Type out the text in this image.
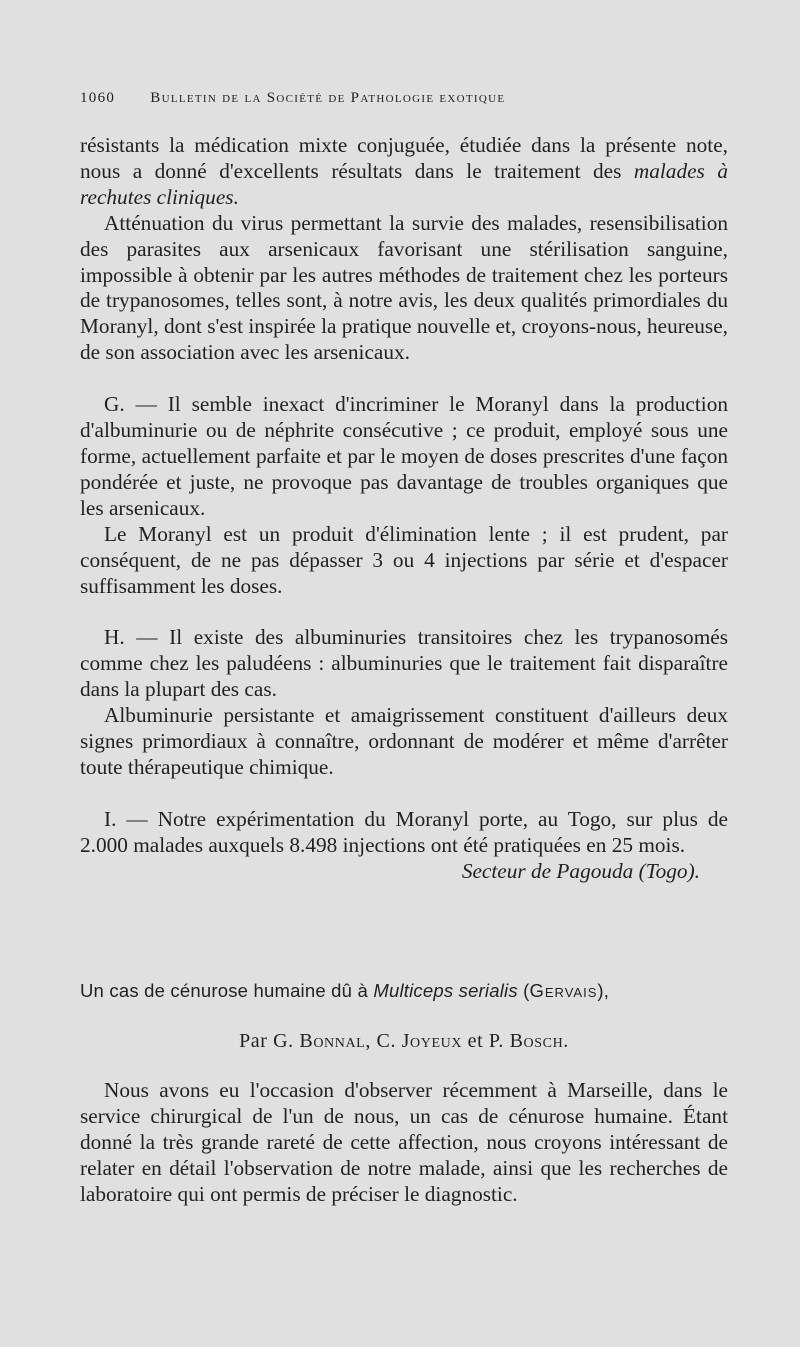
1060 Bulletin de la Société de Pathologie exotique

résistants la médication mixte conjuguée, étudiée dans la présente note, nous a donné d'excellents résultats dans le traitement des malades à rechutes cliniques.

Atténuation du virus permettant la survie des malades, resensibilisation des parasites aux arsenicaux favorisant une stérilisation sanguine, impossible à obtenir par les autres méthodes de traitement chez les porteurs de trypanosomes, telles sont, à notre avis, les deux qualités primordiales du Moranyl, dont s'est inspirée la pratique nouvelle et, croyons-nous, heureuse, de son association avec les arsenicaux.

G. — Il semble inexact d'incriminer le Moranyl dans la production d'albuminurie ou de néphrite consécutive ; ce produit, employé sous une forme, actuellement parfaite et par le moyen de doses prescrites d'une façon pondérée et juste, ne provoque pas davantage de troubles organiques que les arsenicaux.

Le Moranyl est un produit d'élimination lente ; il est prudent, par conséquent, de ne pas dépasser 3 ou 4 injections par série et d'espacer suffisamment les doses.

H. — Il existe des albuminuries transitoires chez les trypanosomés comme chez les paludéens : albuminuries que le traitement fait disparaître dans la plupart des cas.

Albuminurie persistante et amaigrissement constituent d'ailleurs deux signes primordiaux à connaître, ordonnant de modérer et même d'arrêter toute thérapeutique chimique.

I. — Notre expérimentation du Moranyl porte, au Togo, sur plus de 2.000 malades auxquels 8.498 injections ont été pratiquées en 25 mois.

Secteur de Pagouda (Togo).

Un cas de cénurose humaine dû à Multiceps serialis (Gervais),
Par G. Bonnal, C. Joyeux et P. Bosch.

Nous avons eu l'occasion d'observer récemment à Marseille, dans le service chirurgical de l'un de nous, un cas de cénurose humaine. Étant donné la très grande rareté de cette affection, nous croyons intéressant de relater en détail l'observation de notre malade, ainsi que les recherches de laboratoire qui ont permis de préciser le diagnostic.
